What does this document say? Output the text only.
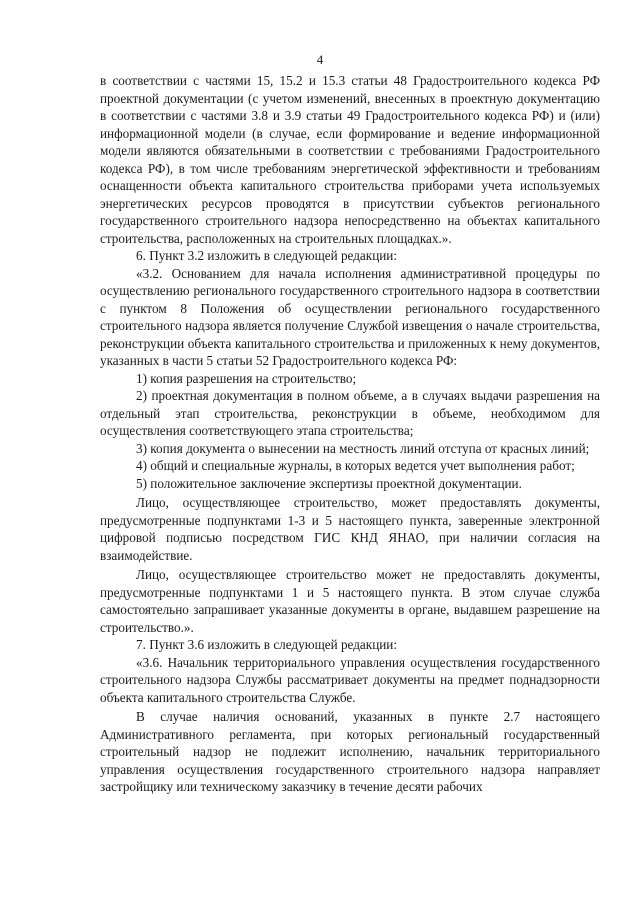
4

в соответствии с частями 15, 15.2 и 15.3 статьи 48 Градостроительного кодекса РФ проектной документации (с учетом изменений, внесенных в проектную документацию в соответствии с частями 3.8 и 3.9 статьи 49 Градостроительного кодекса РФ) и (или) информационной модели (в случае, если формирование и ведение информационной модели являются обязательными в соответствии с требованиями Градостроительного кодекса РФ), в том числе требованиям энергетической эффективности и требованиям оснащенности объекта капитального строительства приборами учета используемых энергетических ресурсов проводятся в присутствии субъектов регионального государственного строительного надзора непосредственно на объектах капитального строительства, расположенных на строительных площадках.».

6. Пункт 3.2 изложить в следующей редакции:

«3.2. Основанием для начала исполнения административной процедуры по осуществлению регионального государственного строительного надзора в соответствии с пунктом 8 Положения об осуществлении регионального государственного строительного надзора является получение Службой извещения о начале строительства, реконструкции объекта капитального строительства и приложенных к нему документов, указанных в части 5 статьи 52 Градостроительного кодекса РФ:

1) копия разрешения на строительство;

2) проектная документация в полном объеме, а в случаях выдачи разрешения на отдельный этап строительства, реконструкции в объеме, необходимом для осуществления соответствующего этапа строительства;

3) копия документа о вынесении на местность линий отступа от красных линий;

4) общий и специальные журналы, в которых ведется учет выполнения работ;

5) положительное заключение экспертизы проектной документации.

Лицо, осуществляющее строительство, может предоставлять документы, предусмотренные подпунктами 1-3 и 5 настоящего пункта, заверенные электронной цифровой подписью посредством ГИС КНД ЯНАО, при наличии согласия на взаимодействие.

Лицо, осуществляющее строительство может не предоставлять документы, предусмотренные подпунктами 1 и 5 настоящего пункта. В этом случае служба самостоятельно запрашивает указанные документы в органе, выдавшем разрешение на строительство.».

7. Пункт 3.6 изложить в следующей редакции:

«3.6. Начальник территориального управления осуществления государственного строительного надзора Службы рассматривает документы на предмет поднадзорности объекта капитального строительства Службе.

В случае наличия оснований, указанных в пункте 2.7 настоящего Административного регламента, при которых региональный государственный строительный надзор не подлежит исполнению, начальник территориального управления осуществления государственного строительного надзора направляет застройщику или техническому заказчику в течение десяти рабочих
